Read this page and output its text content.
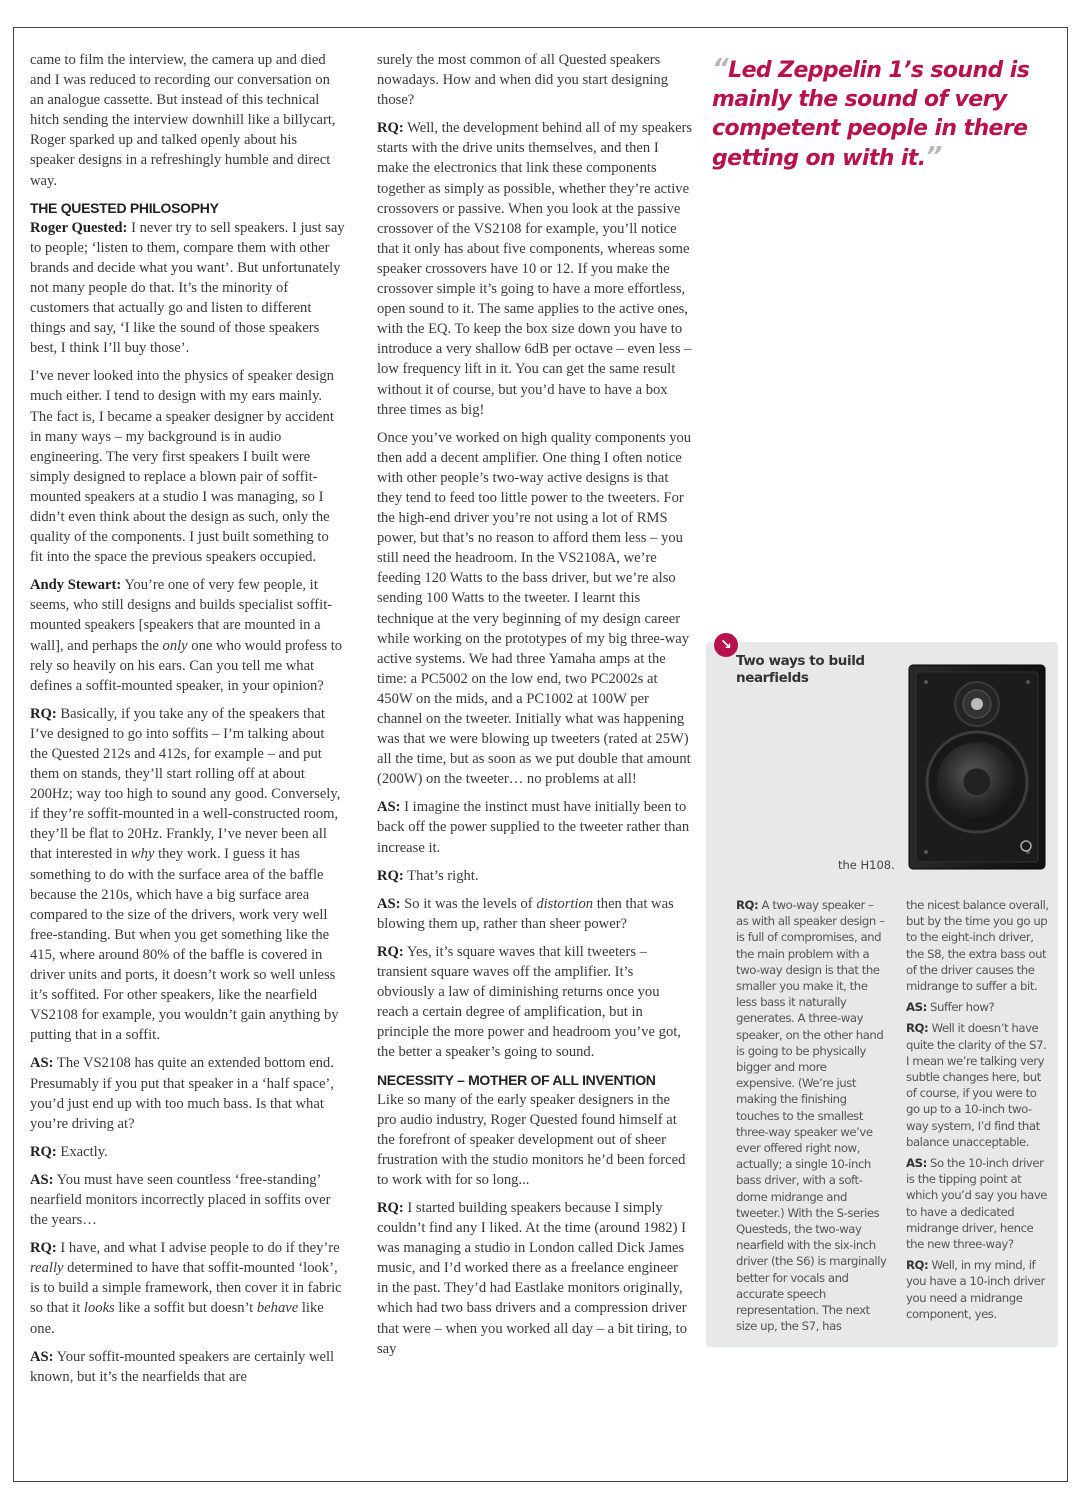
came to film the interview, the camera up and died and I was reduced to recording our conversation on an analogue cassette. But instead of this technical hitch sending the interview downhill like a billycart, Roger sparked up and talked openly about his speaker designs in a refreshingly humble and direct way.

THE QUESTED PHILOSOPHY

Roger Quested: I never try to sell speakers. I just say to people; ‘listen to them, compare them with other brands and decide what you want’. But unfortunately not many people do that. It’s the minority of customers that actually go and listen to different things and say, ‘I like the sound of those speakers best, I think I’ll buy those’.

I’ve never looked into the physics of speaker design much either. I tend to design with my ears mainly. The fact is, I became a speaker designer by accident in many ways – my background is in audio engineering. The very first speakers I built were simply designed to replace a blown pair of soffit-mounted speakers at a studio I was managing, so I didn’t even think about the design as such, only the quality of the components. I just built something to fit into the space the previous speakers occupied.

Andy Stewart: You’re one of very few people, it seems, who still designs and builds specialist soffit-mounted speakers [speakers that are mounted in a wall], and perhaps the only one who would profess to rely so heavily on his ears. Can you tell me what defines a soffit-mounted speaker, in your opinion?

RQ: Basically, if you take any of the speakers that I’ve designed to go into soffits – I’m talking about the Quested 212s and 412s, for example – and put them on stands, they’ll start rolling off at about 200Hz; way too high to sound any good. Conversely, if they’re soffit-mounted in a well-constructed room, they’ll be flat to 20Hz. Frankly, I’ve never been all that interested in why they work. I guess it has something to do with the surface area of the baffle because the 210s, which have a big surface area compared to the size of the drivers, work very well free-standing. But when you get something like the 415, where around 80% of the baffle is covered in driver units and ports, it doesn’t work so well unless it’s soffited. For other speakers, like the nearfield VS2108 for example, you wouldn’t gain anything by putting that in a soffit.

AS: The VS2108 has quite an extended bottom end. Presumably if you put that speaker in a ‘half space’, you’d just end up with too much bass. Is that what you’re driving at?

RQ: Exactly.

AS: You must have seen countless ‘free-standing’ nearfield monitors incorrectly placed in soffits over the years…

RQ: I have, and what I advise people to do if they’re really determined to have that soffit-mounted ‘look’, is to build a simple framework, then cover it in fabric so that it looks like a soffit but doesn’t behave like one.

AS: Your soffit-mounted speakers are certainly well known, but it’s the nearfields that are

surely the most common of all Quested speakers nowadays. How and when did you start designing those?

RQ: Well, the development behind all of my speakers starts with the drive units themselves, and then I make the electronics that link these components together as simply as possible, whether they’re active crossovers or passive. When you look at the passive crossover of the VS2108 for example, you’ll notice that it only has about five components, whereas some speaker crossovers have 10 or 12. If you make the crossover simple it’s going to have a more effortless, open sound to it. The same applies to the active ones, with the EQ. To keep the box size down you have to introduce a very shallow 6dB per octave – even less – low frequency lift in it. You can get the same result without it of course, but you’d have to have a box three times as big!

Once you’ve worked on high quality components you then add a decent amplifier. One thing I often notice with other people’s two-way active designs is that they tend to feed too little power to the tweeters. For the high-end driver you’re not using a lot of RMS power, but that’s no reason to afford them less – you still need the headroom. In the VS2108A, we’re feeding 120 Watts to the bass driver, but we’re also sending 100 Watts to the tweeter. I learnt this technique at the very beginning of my design career while working on the prototypes of my big three-way active systems. We had three Yamaha amps at the time: a PC5002 on the low end, two PC2002s at 450W on the mids, and a PC1002 at 100W per channel on the tweeter. Initially what was happening was that we were blowing up tweeters (rated at 25W) all the time, but as soon as we put double that amount (200W) on the tweeter… no problems at all!

AS: I imagine the instinct must have initially been to back off the power supplied to the tweeter rather than increase it.

RQ: That’s right.

AS: So it was the levels of distortion then that was blowing them up, rather than sheer power?

RQ: Yes, it’s square waves that kill tweeters – transient square waves off the amplifier. It’s obviously a law of diminishing returns once you reach a certain degree of amplification, but in principle the more power and headroom you’ve got, the better a speaker’s going to sound.

NECESSITY – MOTHER OF ALL INVENTION

Like so many of the early speaker designers in the pro audio industry, Roger Quested found himself at the forefront of speaker development out of sheer frustration with the studio monitors he’d been forced to work with for so long...

RQ: I started building speakers because I simply couldn’t find any I liked. At the time (around 1982) I was managing a studio in London called Dick James music, and I’d worked there as a freelance engineer in the past. They’d had Eastlake monitors originally, which had two bass drivers and a compression driver that were – when you worked all day – a bit tiring, to say

“Led Zeppelin 1’s sound is mainly the sound of very competent people in there getting on with it.”
↘
Two ways to build nearfields
the H108.

RQ: A two-way speaker – as with all speaker design – is full of compromises, and the main problem with a two-way design is that the smaller you make it, the less bass it naturally generates. A three-way speaker, on the other hand is going to be physically bigger and more expensive. (We’re just making the finishing touches to the smallest three-way speaker we’ve ever offered right now, actually; a single 10-inch bass driver, with a soft-dome midrange and tweeter.) With the S-series Questeds, the two-way nearfield with the six-inch driver (the S6) is marginally better for vocals and accurate speech representation. The next size up, the S7, has

the nicest balance overall, but by the time you go up to the eight-inch driver, the S8, the extra bass out of the driver causes the midrange to suffer a bit.

AS: Suffer how?

RQ: Well it doesn’t have quite the clarity of the S7. I mean we’re talking very subtle changes here, but of course, if you were to go up to a 10-inch two-way system, I’d find that balance unacceptable.

AS: So the 10-inch driver is the tipping point at which you’d say you have to have a dedicated midrange driver, hence the new three-way?

RQ: Well, in my mind, if you have a 10-inch driver you need a midrange component, yes.
